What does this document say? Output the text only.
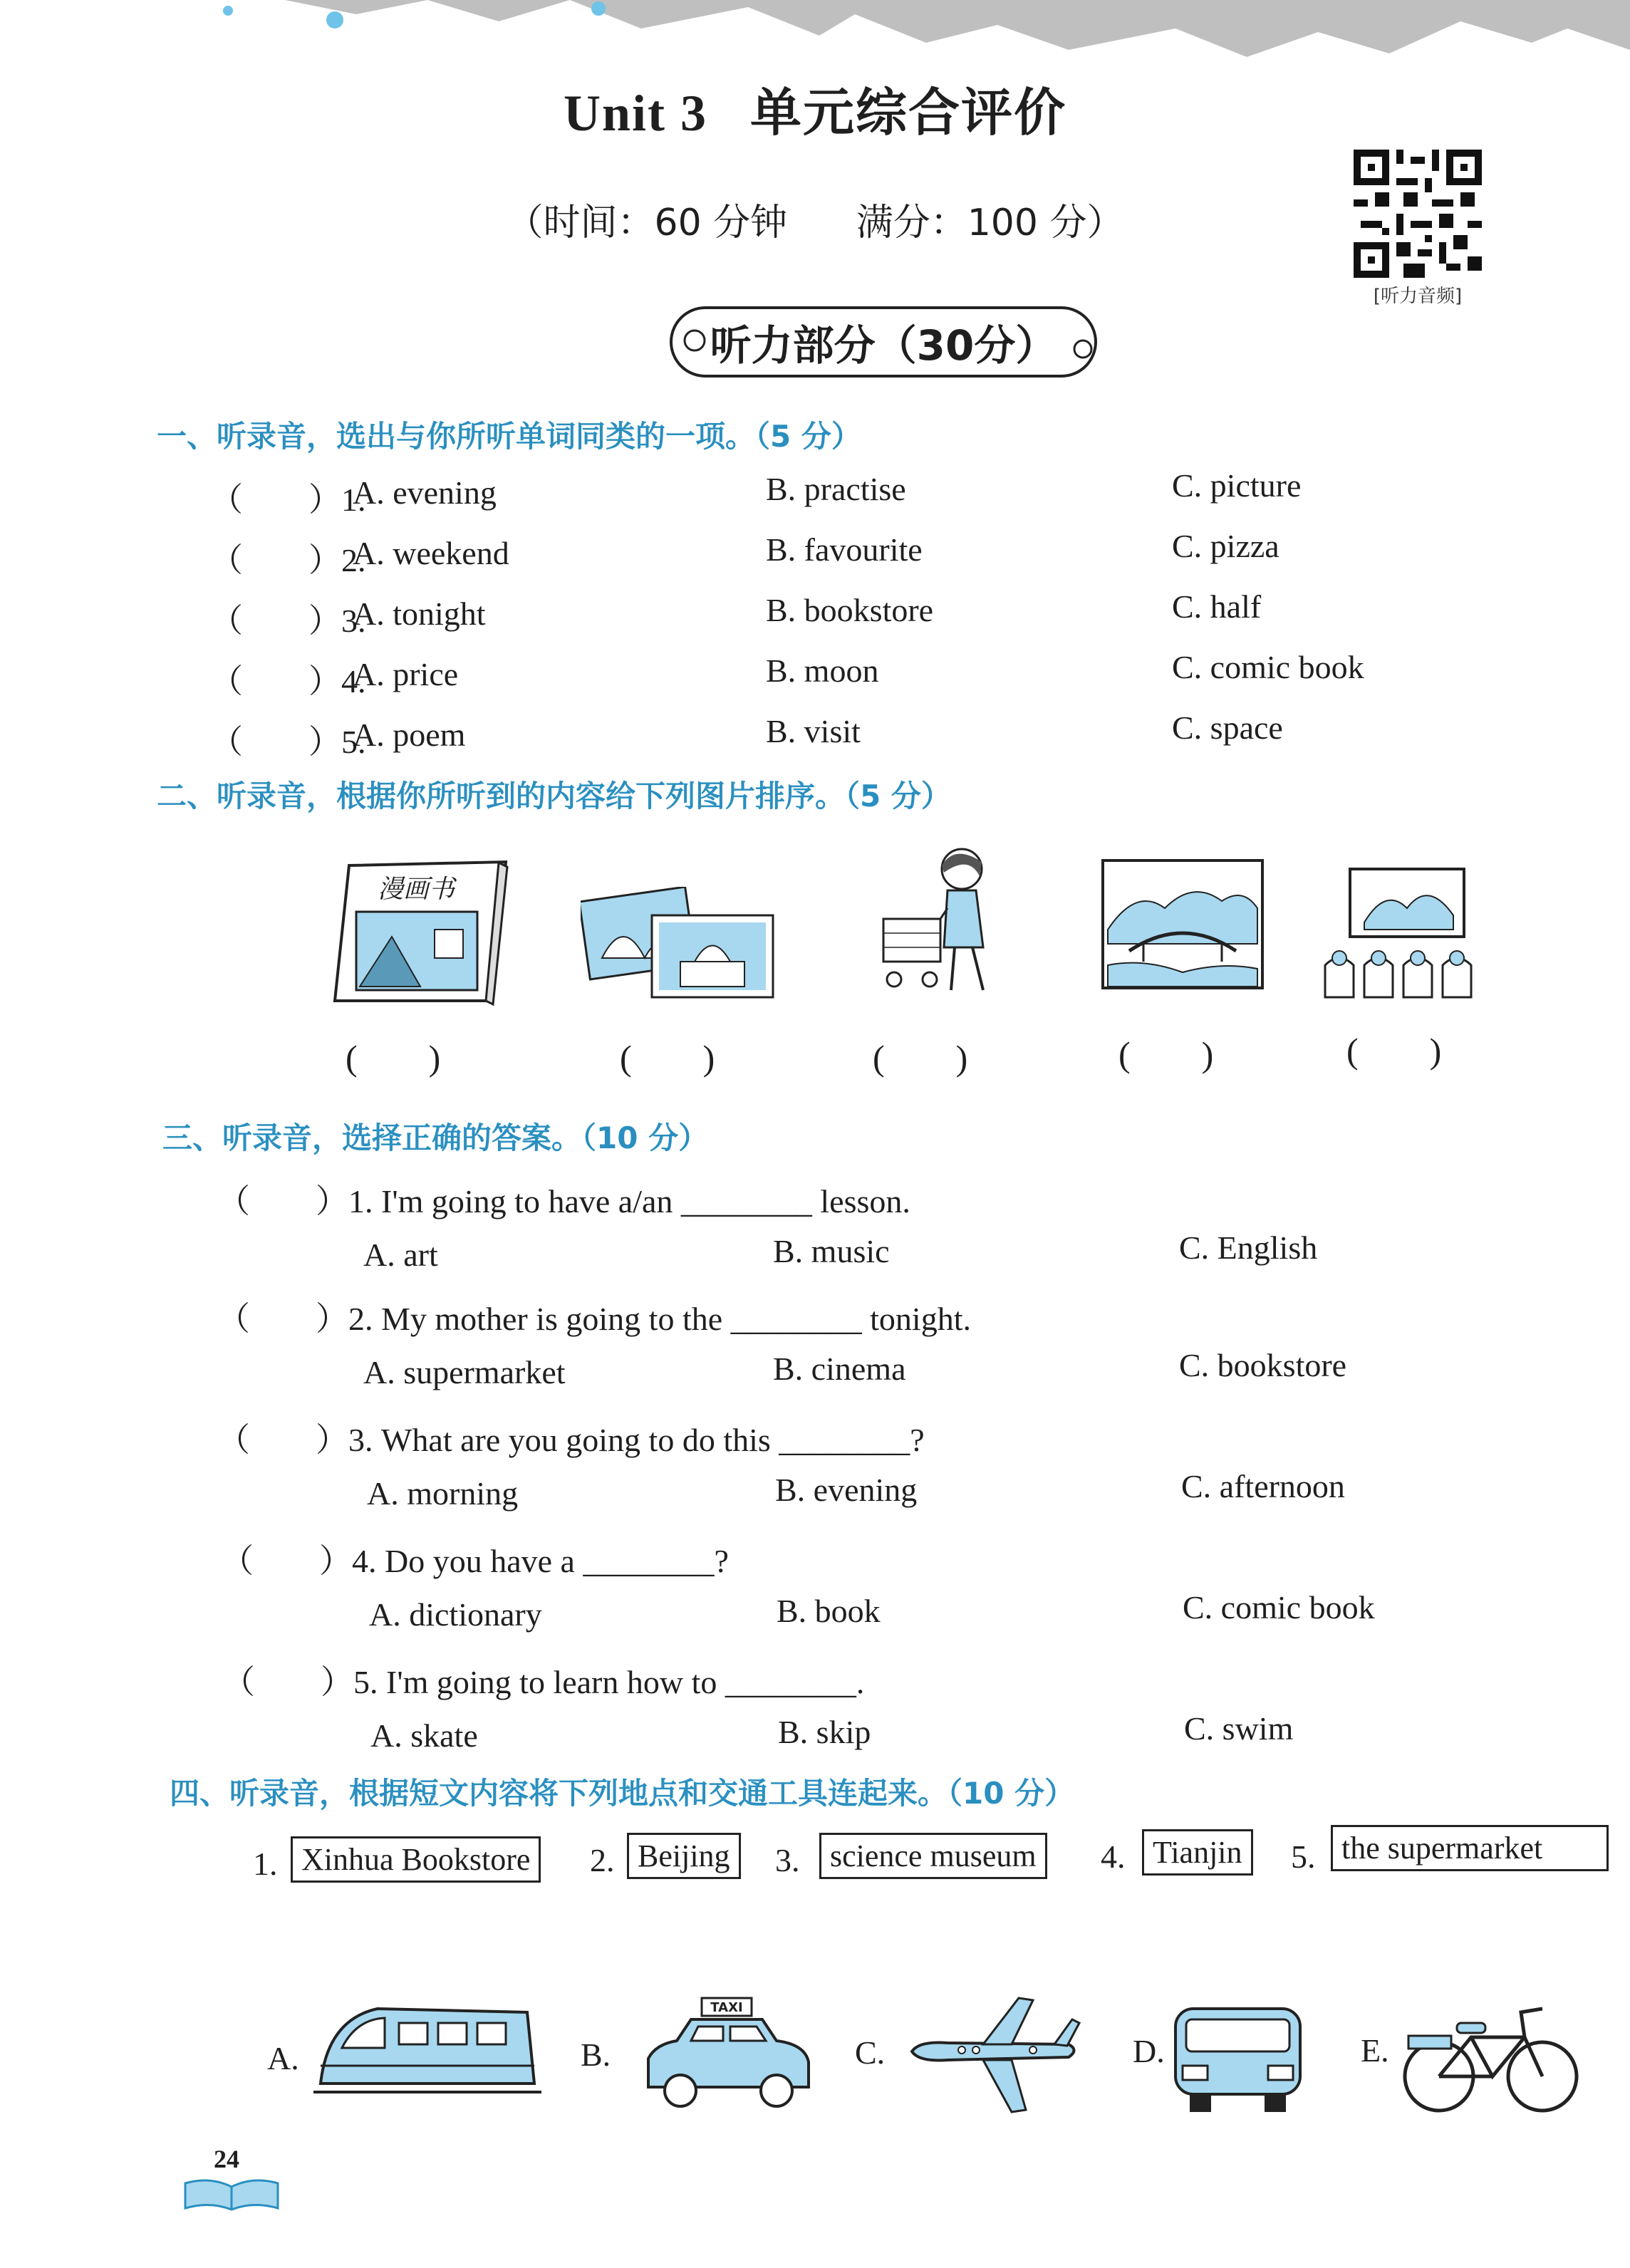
Unit 3 单元综合评价
（时间：60 分钟 满分：100 分）
[听力音频]
听力部分（30分）
一、听录音，选出与你所听单词同类的一项。（5 分）
（　　）1.
A. evening	B. practise	C. picture
（　　）2.
A. weekend	B. favourite	C. pizza
（　　）3.
A. tonight	B. bookstore	C. half
（　　）4.
A. price	B. moon	C. comic book
（　　）5.
A. poem	B. visit	C. space
二、听录音，根据你所听到的内容给下列图片排序。（5 分）
漫画书
(　　)	(　　)	(　　)	(　　)	(　　)
三、听录音，选择正确的答案。（10 分）
（　　）1. I'm going to have a/an ________ lesson.
A. art	B. music	C. English
（　　）2. My mother is going to the ________ tonight.
A. supermarket	B. cinema	C. bookstore
（　　）3. What are you going to do this ________?
A. morning	B. evening	C. afternoon
（　　）4. Do you have a ________?
A. dictionary	B. book	C. comic book
（　　）5. I'm going to learn how to ________.
A. skate	B. skip	C. swim
四、听录音，根据短文内容将下列地点和交通工具连起来。（10 分）
1. Xinhua Bookstore	2. Beijing	3. science museum	4. Tianjin	5. the supermarket
A.	B.
TAXI
C.	D.	E.
24
